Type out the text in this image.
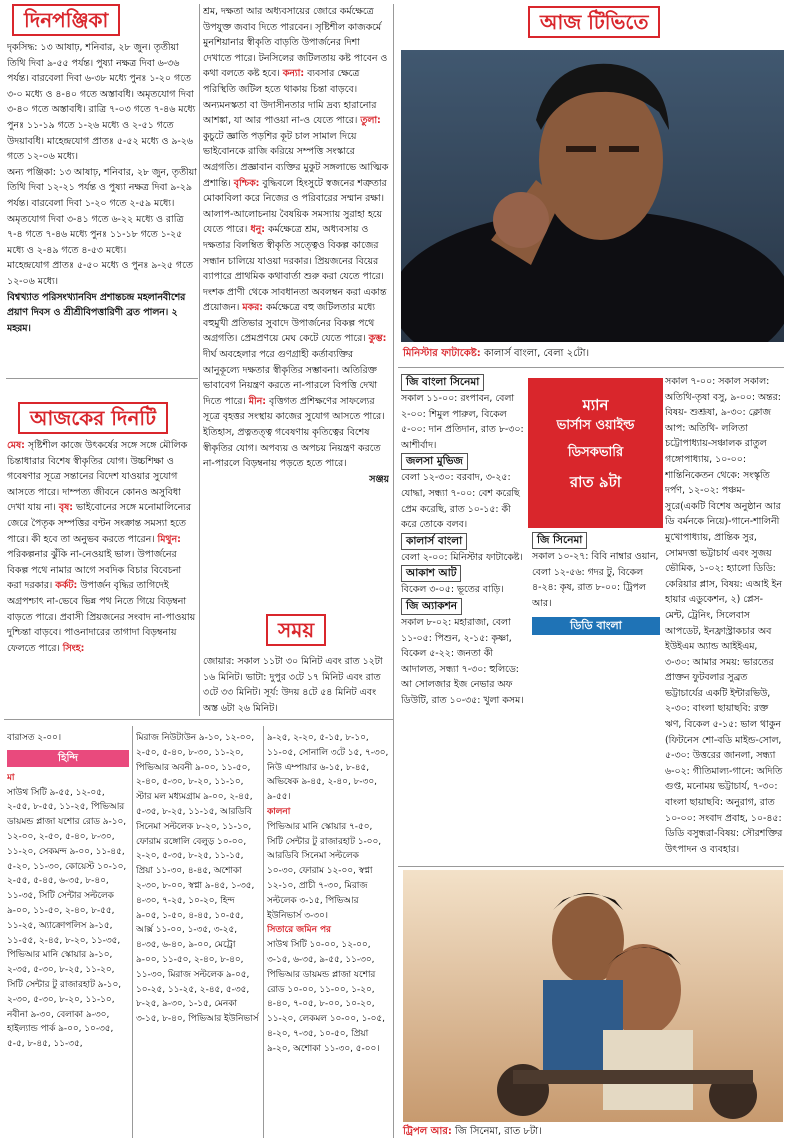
দিনপঞ্জিকা

দৃকসিদ্ধ: ১৩ আষাঢ়, শনিবার, ২৮ জুন। তৃতীয়া তিথি দিবা ৯-৫৫ পর্যন্ত। পুষ্যা নক্ষত্র দিবা ৬-৩৬ পর্যন্ত। বারবেলা দিবা ৬-৩৮ মধ্যে পুনঃ ১-২০ গতে ৩-০ মধ্যে ও ৪-৪০ গতে অস্তাবধি। অমৃতযোগ দিবা ৩-৪০ গতে অস্তাবধি। রাত্রি ৭-০৩ গতে ৭-৪৬ মধ্যে পুনঃ ১১-১৯ গতে ১-২৬ মধ্যে ও ২-৫১ গতে উদয়াবধি। মাহেন্দ্রযোগ প্রাতঃ ৫-৫২ মধ্যে ও ৯-২৬ গতে ১২-০৬ মধ্যে।

অন্য পঞ্জিকা: ১৩ আষাঢ়, শনিবার, ২৮ জুন, তৃতীয়া তিথি দিবা ১২-২১ পর্যন্ত ও পুষ্যা নক্ষত্র দিবা ৯-২৯ পর্যন্ত। বারবেলা দিবা ১-২০ গতে ২-৫৯ মধ্যে। অমৃতযোগ দিবা ৩-৪১ গতে ৬-২২ মধ্যে ও রাত্রি ৭-৪ গতে ৭-৪৬ মধ্যে পুনঃ ১১-১৮ গতে ১-২৫ মধ্যে ও ২-৪৯ গতে ৪-৫৩ মধ্যে।

মাহেন্দ্রযোগ প্রাতঃ ৫-৫০ মধ্যে ও পুনঃ ৯-২৫ গতে ১২-০৬ মধ্যে।

বিশ্বখ্যাত পরিসংখ্যানবিদ প্রশান্তচন্দ্র মহলানবীশের প্রয়াণ দিবস ও শ্রীশ্রীবিপত্তারিণী ব্রত পালন। ২ মহরম।

আজকের দিনটি

মেষ: সৃষ্টিশীল কাজে উৎকর্ষের সঙ্গে সঙ্গে মৌলিক চিন্তাধারার বিশেষ স্বীকৃতির যোগ। উচ্চশিক্ষা ও গবেষণার সূত্রে সন্তানের বিদেশ যাওয়ার সুযোগ আসতে পারে। দাম্পত্য জীবনে কোনও অসুবিধা দেখা যায় না। বৃষ: ভাইবোনের সঙ্গে মনোমালিন্যের জেরে পৈতৃক সম্পত্তির বণ্টন সংক্রান্ত সমস্যা হতে পারে। কী হবে তা অনুভব করতে পারেন। মিথুন: পরিকল্পনার ঝুঁকি না-নেওয়াই ভাল। উপার্জনের বিকল্প পথে নামার আগে সবদিক বিচার বিবেচনা করা দরকার। কর্কট: উপার্জন বৃদ্ধির তাগিদেই অগ্রপশ্চাৎ না-ভেবে ভিন্ন পথ নিতে গিয়ে বিড়ম্বনা বাড়তে পারে। প্রবাসী প্রিয়জনের সংবাদ না-পাওয়ায় দুশ্চিন্তা বাড়বে। পাওনাদারের তাগাদা বিড়ম্বনায় ফেলতে পারে। সিংহ:

শ্রম, দক্ষতা আর অধ্যবসায়ের জোরে কর্মক্ষেত্রে উপযুক্ত জবাব দিতে পারবেন। সৃষ্টিশীল কাজকর্মে মুনশিয়ানার স্বীকৃতি বাড়তি উপার্জনের দিশা দেখাতে পারে। টনসিলের জটিলতায় কষ্ট পাবেন ও কথা বলতে কষ্ট হবে। কন্যা: ব্যবসার ক্ষেত্রে পরিস্থিতি জটিল হতে থাকায় চিন্তা বাড়বে। অন্যমনস্কতা বা উদাসীনতার দামি দ্রব্য হারানোর আশঙ্কা, যা আর পাওয়া না-ও যেতে পারে। তুলা: কুচুটে জ্ঞাতি পড়শির কূট চাল সামাল দিয়ে ভাইবোনকে রাজি করিয়ে সম্পত্তি সংস্কারে অগ্রগতি। প্রজ্ঞাবান ব্যক্তির মুকুট সঙ্গলাভে আত্মিক প্রশান্তি। বৃশ্চিক: বুদ্ধিবলে হিংসুটে স্বজনের শত্রুতার মোকাবিলা করে নিজের ও পরিবারের সম্মান রক্ষা। আলাপ-আলোচনায় বৈষয়িক সমস্যায় সুরাহা হয়ে যেতে পারে। ধনু: কর্মক্ষেত্রে শ্রম, অধ্যবসায় ও দক্ষতার বিলম্বিত স্বীকৃতি সত্ত্বেও বিকল্প কাজের সন্ধান চালিয়ে যাওয়া দরকার। প্রিয়জনের বিয়ের ব্যাপারে প্রাথমিক কথাবার্তা শুরু করা যেতে পারে। দংশক প্রাণী থেকে সাবধানতা অবলম্বন করা একান্ত প্রয়োজন। মকর: কর্মক্ষেত্রে বহু জটিলতার মধ্যে বহুমুখী প্রতিভার সুবাদে উপার্জনের বিকল্প পথে অগ্রগতি। প্রেমপ্রণয়ে মেঘ কেটে যেতে পারে। কুম্ভ: দীর্ঘ অবহেলার পরে গুণগ্রাহী কর্তাব্যক্তির আনুকূল্যে দক্ষতার স্বীকৃতির সম্ভাবনা। অতিরিক্ত ভাবাবেগ নিয়ন্ত্রণ করতে না-পারলে বিপত্তি দেখা দিতে পারে। মীন: বৃত্তিগত প্রশিক্ষণের সাফল্যের সূত্রে বৃহত্তর সংস্থায় কাজের সুযোগ আসতে পারে। ইতিহাস, প্রত্নতত্ত্ব গবেষণায় কৃতিত্বের বিশেষ স্বীকৃতির যোগ। অপব্যয় ও অপচয় নিয়ন্ত্রণ করতে না-পারলে বিড়ম্বনায় পড়তে হতে পারে।

সঞ্জয়

সময়
জোয়ার: সকাল ১১টা ৩০ মিনিট এবং রাত ১২টা ১৬ মিনিট। ভাটা: দুপুর ৩টে ১৭ মিনিট এবং রাত ৩টে ৩৩ মিনিট। সূর্য: উদয় ৪টে ৫৪ মিনিট এবং অস্ত ৬টা ২৬ মিনিট।

বারাসত ২-০০।

হিন্দি

মা

সাউথ সিটি ৯-৫৫, ১২-০৫, ২-৫৫, ৮-৫৫, ১১-২৫, পিভিআর ডায়মন্ড প্লাজা যশোর রোড ৯-১০, ১২-০০, ২-৫০, ৫-৪০, ৮-৩০, ১১-২০, সেকমন্দ ৯-০০, ১১-৪৫, ৫-২০, ১১-৩০, কোয়েস্ট ১০-১০, ২-৫৫, ৫-৪৫, ৬-৩৫, ৮-৪০, ১১-৩৫, সিটি সেন্টার সল্টলেক ৯-০০, ১১-৫০, ২-৪০, ৮-৫৫, ১১-২৫, অ্যাক্রোপলিস ৯-১৫, ১১-৫৫, ২-৪৫, ৮-২০, ১১-৩৫, পিভিআর মানি স্কোয়ার ৯-১০, ২-৩৫, ৫-৩০, ৮-২৫, ১১-২০, সিটি সেন্টার টু রাজারহাট ৯-১০, ২-৩০, ৫-৩০, ৮-২০, ১১-১০, নবীনা ৯-৩০, বেলাকা ৯-৩০, হাইল্যান্ড পার্ক ৯-০০, ১০-৩৫, ৫-৫, ৮-৪৫, ১১-৩৫,

মিরাজ নিউটাউন ৯-১০, ১২-০০, ২-৫০, ৫-৪০, ৮-৩০, ১১-২০, পিভিআর অবনী ৯-০০, ১১-৫০, ২-৪০, ৫-৩০, ৮-২০, ১১-১০, স্টার মল মধ্যমগ্রাম ৯-০০, ২-৪৫, ৫-৩৫, ৮-২৫, ১১-১৫, আরডিবি সিনেমা সল্টলেক ৮-২০, ১১-১০, ফোরাম রঙ্গোলি বেলুড় ১০-০০, ২-২০, ৫-৩৫, ৮-২৫, ১১-১৫, প্রিয়া ১১-৩০, ৪-৪৫, অশোকা ২-৩০, ৮-০০, স্বপ্না ৯-৪৫, ১-৩৫, ৪-৩০, ৭-২৫, ১০-২০, হিন্দ ৯-০৫, ১-৫০, ৪-৪৫, ১০-৫৫, আর্ক্স ১১-০০, ১-৩৫, ৩-২৫, ৪-৩৫, ৬-৪০, ৯-০০, মেট্রো ৯-০০, ১১-৫০, ২-৪০, ৮-৪০, ১১-৩০, মিরাজ সল্টলেক ৯-০৫, ১০-২৫, ১১-২৫, ২-৪৫, ৫-৩৫, ৮-২৫, ৯-৩০, ১-১৫, মেনকা ৩-১৫, ৮-৪০, পিভিআর ইউনিভার্স

৯-২৫, ২-২০, ৫-১৫, ৮-১০, ১১-০৫, সোনালি ৩টে ১৫, ৭-৩০, নিউ এম্পায়ার ৬-১৫, ৮-৪৫, অভিষেক ৯-৪৫, ২-৪০, ৮-৩০, ৯-৫৫।

কালনা

পিভিআর মানি স্কোয়ার ৭-৫০, সিটি সেন্টার টু রাজারহাট ১-০০, আরডিবি সিনেমা সল্টলেক ১০-৩০, ফোরাম ১২-০০, স্বপ্না ১২-১০, প্রাচী ৭-৩০, মিরাজ সল্টলেক ৩-১৫, পিভিআর ইউনিভার্স ৩-৩০।

সিতারে জমিন পর

সাউথ সিটি ১০-০০, ১২-০০, ৩-১৫, ৬-৩৫, ৯-৫৫, ১১-৩০, পিভিআর ডায়মন্ড প্লাজা যশোর রোড ১০-০০, ১১-০০, ১-২০, ৪-৪০, ৭-০৫, ৮-০০, ১০-২০, ১১-২০, লেকমল ১০-০০, ১-০৫, ৪-২০, ৭-৩৫, ১০-৫০, প্রিয়া ৯-২০, অশোকা ১১-৩০, ৫-০০।

আজ টিভিতে
মিনিস্টার ফাটাকেষ্ট: কালার্স বাংলা, বেলা ২টো।
জি বাংলা সিনেমা

সকাল ১১-০০: রংপাবন, বেলা ২-০০: শিমুল পারুল, বিকেল ৫-০০: দান প্রতিদান, রাত ৮-৩০: আশীর্বাদ।

জলসা মুভিজ

বেলা ১২-৩০: বরবাদ, ৩-২৫: যোদ্ধা, সন্ধ্যা ৭-০০: বেশ করেছি প্রেম করেছি, রাত ১০-১৫: কী করে তোকে বলব।

কালার্স বাংলা

বেলা ২-০০: মিনিস্টার ফাটাকেষ্ট।

আকাশ আট

বিকেল ৩-০৫: ভূতের বাড়ি।

জি অ্যাকশন

সকাল ৮-০২: মহারাজা, বেলা ১১-০৫: পিশুন, ২-১৫: কৃষ্ণা, বিকেল ৫-২২: জনতা কী আদালত, সন্ধ্যা ৭-৩০: হুলিডে: আ সোলজার ইজ নেভার অফ ডিউটি, রাত ১০-৩৫: খুলা কসম।

ম্যান
ভার্সাস ওয়াইল্ড
ডিসকভারি
রাত ৯টা
জি সিনেমা

সকাল ১০-২৭: বিবি নাম্বার ওয়ান, বেলা ১২-৫৬: গদর টু, বিকেল ৪-২৪: কৃষ, রাত ৮-০০: ট্রিপল আর।

ডিডি বাংলা

সকাল ৭-০০: সকাল সকাল: অতিথি-তৃষা বসু, ৯-০০: অন্তর: বিষয়- শুশ্রূষা, ৯-৩০: ক্লোজ আপ: অতিথি- ললিতা চট্টোপাধ্যায়-সঞ্চালক রাতুল গঙ্গোপাধ্যায়, ১০-০০: শান্তিনিকেতন থেকে: সংস্কৃতি দর্পণ, ১২-০২: পঞ্চম-সুরে(একটি বিশেষ অনুষ্ঠান আর ডি বর্মনকে নিয়ে)-গানে-শালিনী মুখোপাধ্যায়, প্রান্তিক সুর, সোমদত্তা ভট্টাচার্য এবং সুজয় ভৌমিক, ১-০২: হ্যালো ডিডি: কেরিয়ার প্লাস, বিষয়: এআই ইন হায়ার এডুকেশন, ২) প্লেস- মেন্ট, ট্রেনিং, সিলেবাস আপডেট, ইনফ্রাস্ট্রাকচার অব ইউইএম অ্যান্ড আইইএম, ৩-৩০: আমার সময়: ভারতের প্রাক্তন ফুটবলার সুব্রত ভট্টাচার্যের একটি ইন্টারভিউ, ২-৩০: বাংলা ছায়াছবি: রক্ত ঋণ, বিকেল ৫-১৫: ভাল থাকুন (ফিটনেস শো-বডি মাইন্ড-সোল, ৫-৩০: উত্তরের জানলা, সন্ধ্যা ৬-০২: গীতিমাল্য-গানে: অদিতি গুপ্ত, মনোময় ভট্টাচার্য, ৭-৩০: বাংলা ছায়াছবি: অনুরাগ, রাত ১০-০০: সংবাদ প্রবাহ, ১০-৪৫: ডিডি বসুন্ধরা-বিষয়: সৌরশক্তির উৎপাদন ও ব্যবহার।

ট্রিপল আর: জি সিনেমা, রাত ৮টা।
